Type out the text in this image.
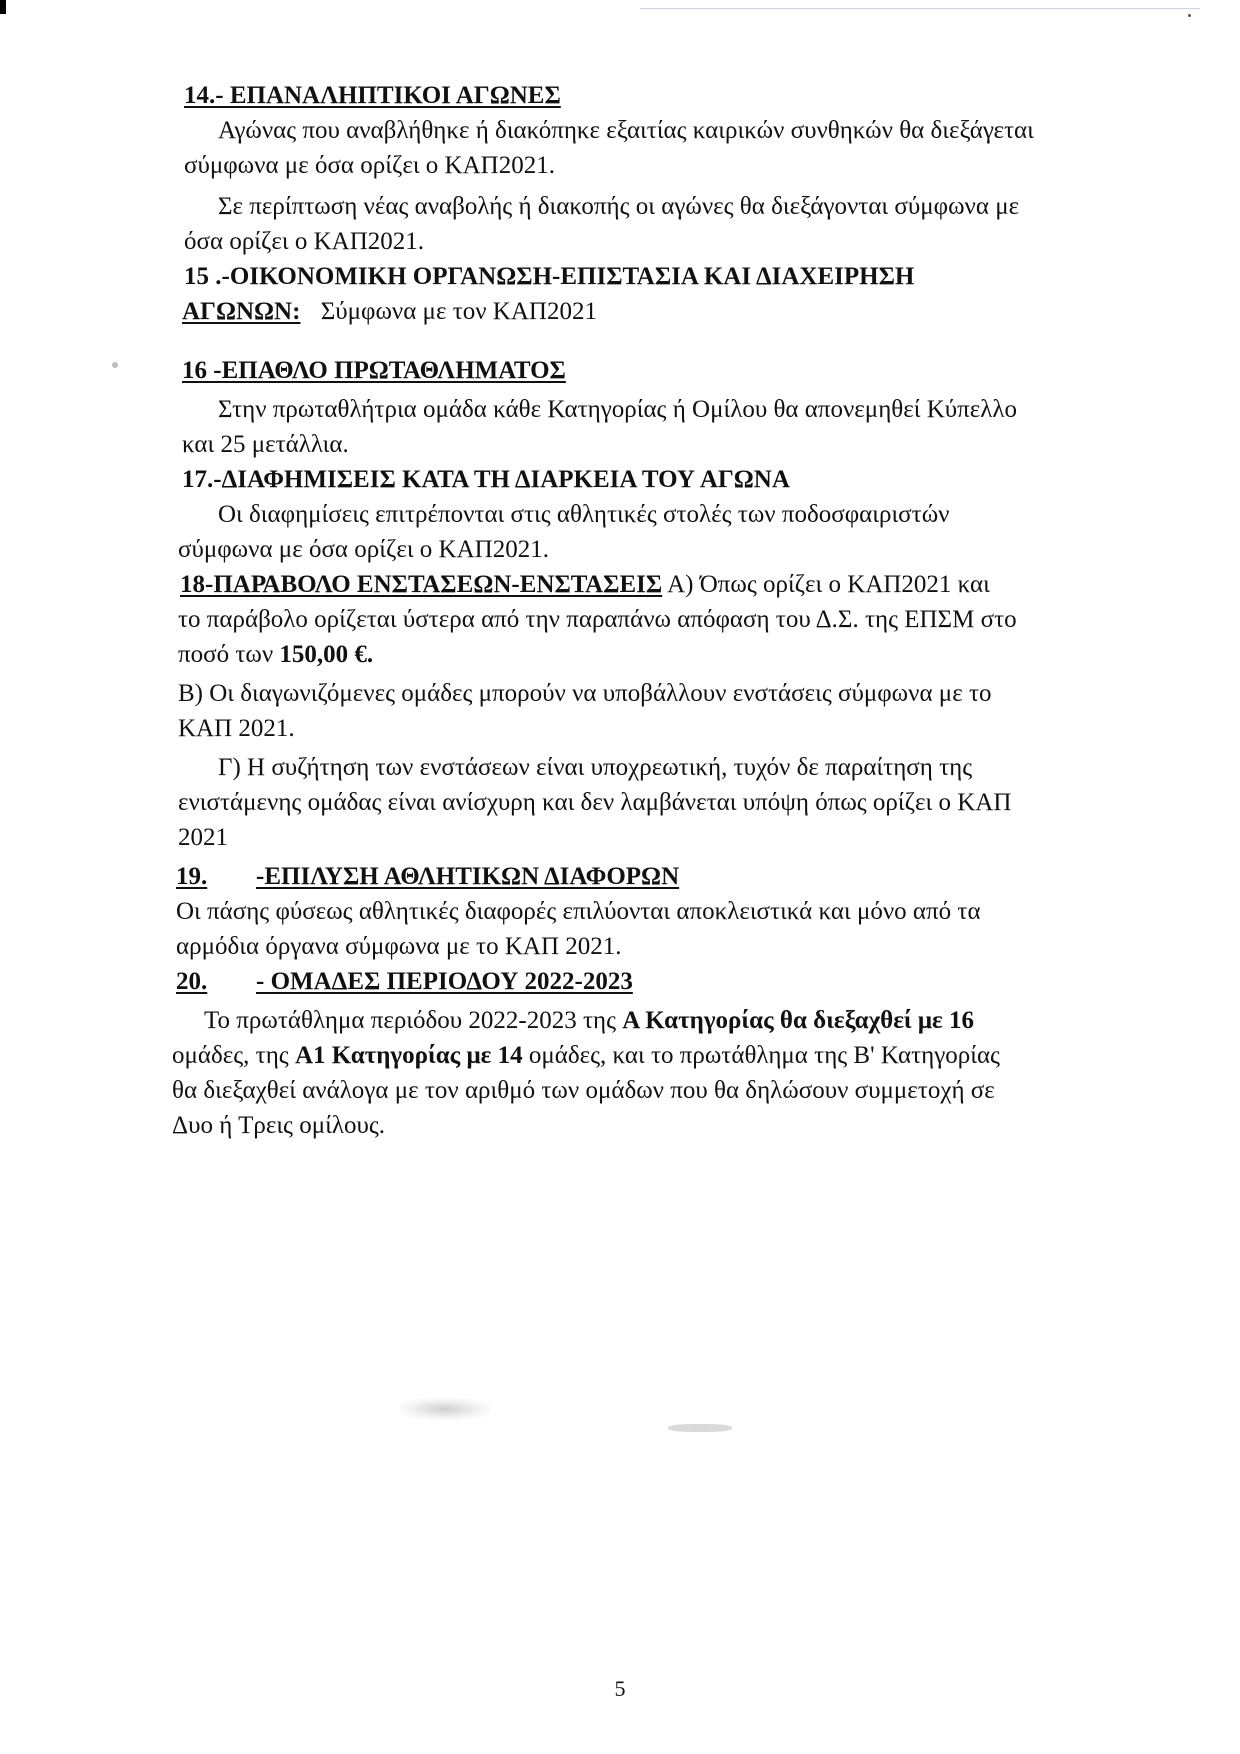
14.- ΕΠΑΝΑΛΗΠΤΙΚΟΙ ΑΓΩΝΕΣ
Αγώνας που αναβλήθηκε ή διακόπηκε εξαιτίας καιρικών συνθηκών θα διεξάγεται
σύμφωνα με όσα ορίζει ο ΚΑΠ2021.
Σε περίπτωση νέας αναβολής ή διακοπής οι αγώνες θα διεξάγονται σύμφωνα με
όσα ορίζει ο ΚΑΠ2021.
15 .-ΟΙΚΟΝΟΜΙΚΗ ΟΡΓΑΝΩΣΗ-ΕΠΙΣΤΑΣΙΑ ΚΑΙ ΔΙΑΧΕΙΡΗΣΗ
ΑΓΩΝΩΝ: Σύμφωνα με τον ΚΑΠ2021
16 -ΕΠΑΘΛΟ ΠΡΩΤΑΘΛΗΜΑΤΟΣ
Στην πρωταθλήτρια ομάδα κάθε Κατηγορίας ή Ομίλου θα απονεμηθεί Κύπελλο
και 25 μετάλλια.
17.-ΔΙΑΦΗΜΙΣΕΙΣ ΚΑΤΑ ΤΗ ΔΙΑΡΚΕΙΑ ΤΟΥ ΑΓΩΝΑ
Οι διαφημίσεις επιτρέπονται στις αθλητικές στολές των ποδοσφαιριστών
σύμφωνα με όσα ορίζει ο ΚΑΠ2021.
18-ΠΑΡΑΒΟΛΟ ΕΝΣΤΑΣΕΩΝ-ΕΝΣΤΑΣΕΙΣ Α) Όπως ορίζει ο ΚΑΠ2021 και
το παράβολο ορίζεται ύστερα από την παραπάνω απόφαση του Δ.Σ. της ΕΠΣΜ στο
ποσό των 150,00 €.
Β) Οι διαγωνιζόμενες ομάδες μπορούν να υποβάλλουν ενστάσεις σύμφωνα με το
ΚΑΠ 2021.
Γ) Η συζήτηση των ενστάσεων είναι υποχρεωτική, τυχόν δε παραίτηση της
ενιστάμενης ομάδας είναι ανίσχυρη και δεν λαμβάνεται υπόψη όπως ορίζει ο ΚΑΠ
2021
19. -ΕΠΙΛΥΣΗ ΑΘΛΗΤΙΚΩΝ ΔΙΑΦΟΡΩΝ
Οι πάσης φύσεως αθλητικές διαφορές επιλύονται αποκλειστικά και μόνο από τα
αρμόδια όργανα σύμφωνα με το ΚΑΠ 2021.
20. - ΟΜΑΔΕΣ ΠΕΡΙΟΔΟΥ 2022-2023
Το πρωτάθλημα περιόδου 2022-2023 της Α Κατηγορίας θα διεξαχθεί με 16
ομάδες, της Α1 Κατηγορίας με 14 ομάδες, και το πρωτάθλημα της Β' Κατηγορίας
θα διεξαχθεί ανάλογα με τον αριθμό των ομάδων που θα δηλώσουν συμμετοχή σε
Δυο ή Τρεις ομίλους.
5
